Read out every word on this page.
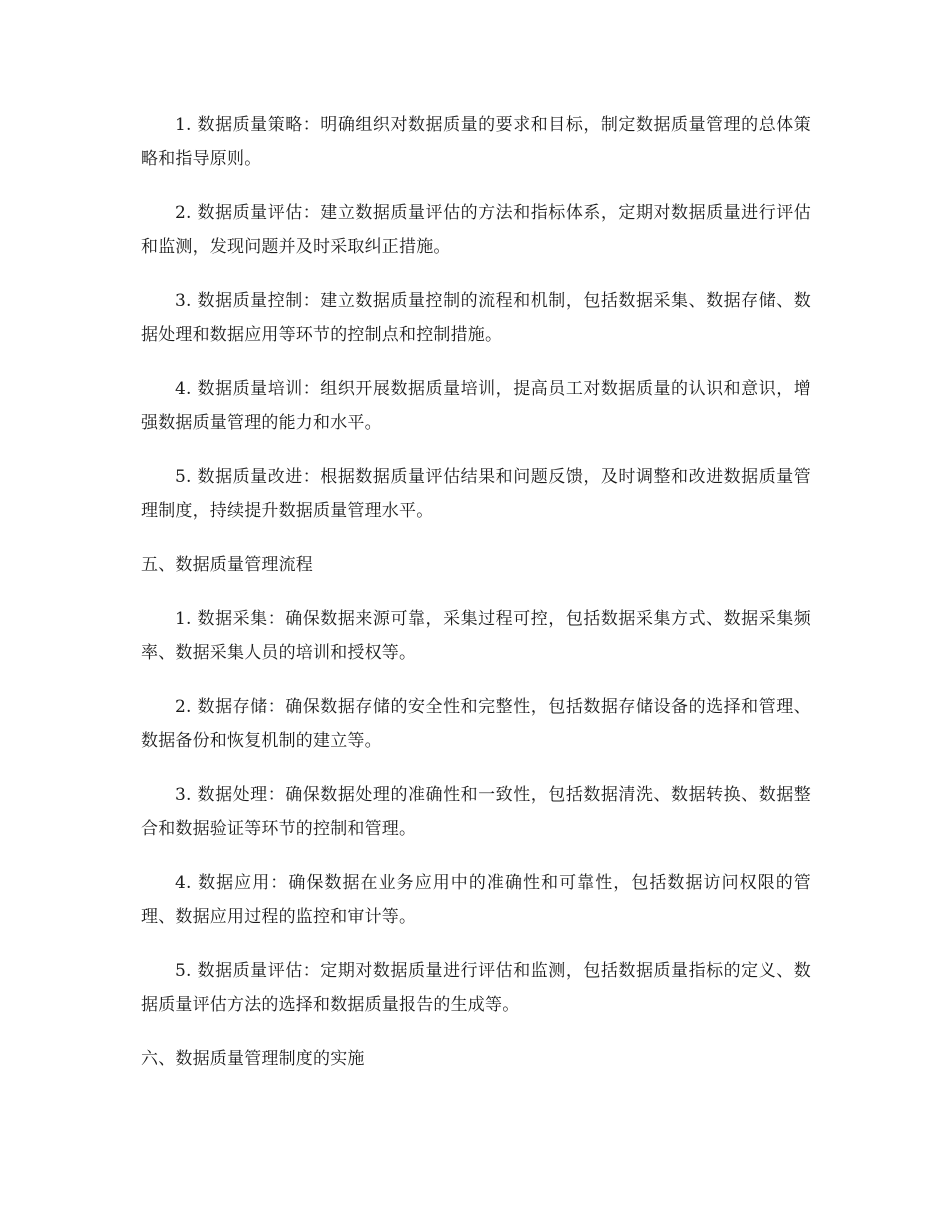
1. 数据质量策略：明确组织对数据质量的要求和目标，制定数据质量管理的总体策略和指导原则。

2. 数据质量评估：建立数据质量评估的方法和指标体系，定期对数据质量进行评估和监测，发现问题并及时采取纠正措施。

3. 数据质量控制：建立数据质量控制的流程和机制，包括数据采集、数据存储、数据处理和数据应用等环节的控制点和控制措施。

4. 数据质量培训：组织开展数据质量培训，提高员工对数据质量的认识和意识，增强数据质量管理的能力和水平。

5. 数据质量改进：根据数据质量评估结果和问题反馈，及时调整和改进数据质量管理制度，持续提升数据质量管理水平。

五、数据质量管理流程

1. 数据采集：确保数据来源可靠，采集过程可控，包括数据采集方式、数据采集频率、数据采集人员的培训和授权等。

2. 数据存储：确保数据存储的安全性和完整性，包括数据存储设备的选择和管理、数据备份和恢复机制的建立等。

3. 数据处理：确保数据处理的准确性和一致性，包括数据清洗、数据转换、数据整合和数据验证等环节的控制和管理。

4. 数据应用：确保数据在业务应用中的准确性和可靠性，包括数据访问权限的管理、数据应用过程的监控和审计等。

5. 数据质量评估：定期对数据质量进行评估和监测，包括数据质量指标的定义、数据质量评估方法的选择和数据质量报告的生成等。

六、数据质量管理制度的实施
